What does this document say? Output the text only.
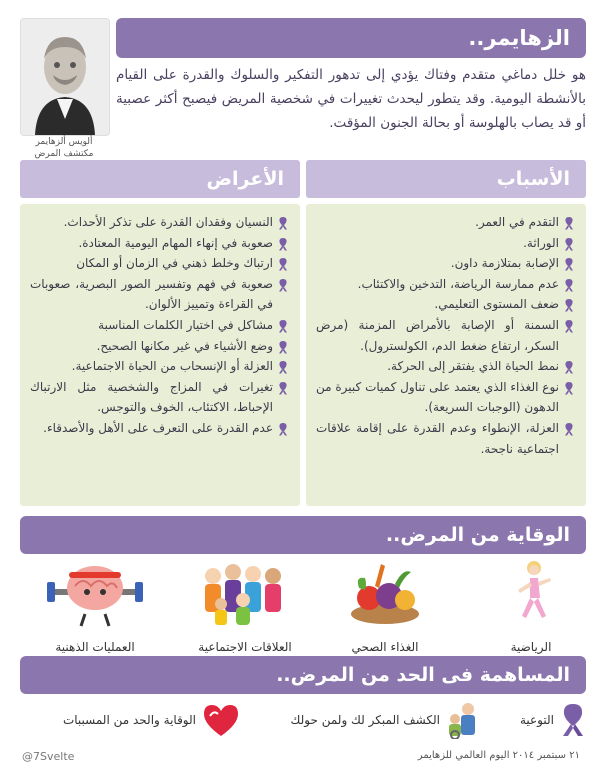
ألويس ألزهايمر
مكتشف المرض
الزهايمر..
هو خلل دماغي متقدم وفتاك يؤدي إلى تدهور التفكير والسلوك والقدرة على القيام بالأنشطة اليومية. وقد يتطور ليحدث تغييرات في شخصية المريض فيصبح أكثر عصبية أو قد يصاب بالهلوسة أو بحالة الجنون المؤقت.
الأسباب
التقدم في العمر.
الوراثة.
الإصابة بمتلازمة داون.
عدم ممارسة الرياضة، التدخين والاكتئاب.
ضعف المستوى التعليمي.
السمنة أو الإصابة بالأمراض المزمنة (مرض السكر، ارتفاع ضغط الدم، الكولسترول).
نمط الحياة الذي يفتقر إلى الحركة.
نوع الغذاء الذي يعتمد على تناول كميات كبيرة من الدهون (الوجبات السريعة).
العزلة، الإنطواء وعدم القدرة على إقامة علاقات اجتماعية ناجحة.
الأعراض
النسيان وفقدان القدرة على تذكر الأحداث.
صعوبة في إنهاء المهام اليومية المعتادة.
ارتباك وخلط ذهني في الزمان أو المكان
صعوبة في فهم وتفسير الصور البصرية، صعوبات في القراءة وتمييز الألوان.
مشاكل في اختيار الكلمات المناسبة
وضع الأشياء في غير مكانها الصحيح.
العزلة أو الإنسحاب من الحياة الاجتماعية.
تغيرات في المزاج والشخصية مثل الارتباك الإحباط، الاكتئاب، الخوف والتوجس.
عدم القدرة على التعرف على الأهل والأصدقاء.
الوقاية من المرض..
الرياضية
الغذاء الصحي
العلاقات الاجتماعية
العمليات الذهنية
المساهمة فى الحد من المرض..
التوعية
الكشف المبكر لك ولمن حولك
الوقاية والحد من المسببات
@7Svelte	٢١ سبتمبر ٢٠١٤ اليوم العالمي للزهايمر
